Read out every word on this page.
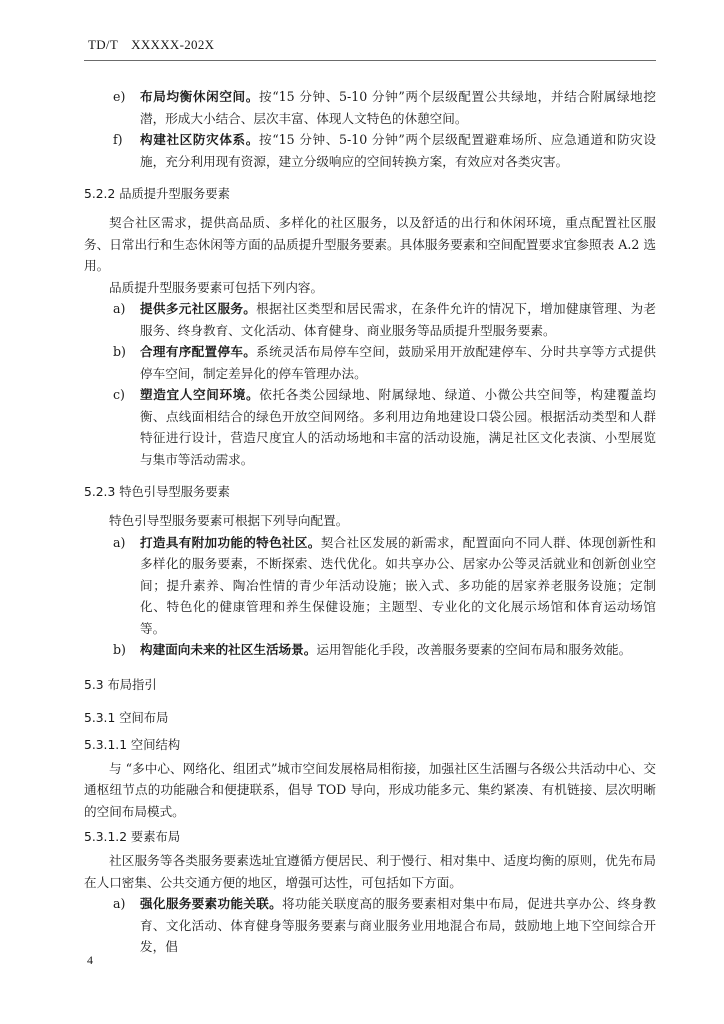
TD/T　XXXXX-202X
e)	布局均衡休闲空间。按“15 分钟、5-10 分钟”两个层级配置公共绿地，并结合附属绿地挖潜，形成大小结合、层次丰富、体现人文特色的休憩空间。
f)	构建社区防灾体系。按“15 分钟、5-10 分钟”两个层级配置避难场所、应急通道和防灾设施，充分利用现有资源，建立分级响应的空间转换方案，有效应对各类灾害。
5.2.2 品质提升型服务要素
契合社区需求，提供高品质、多样化的社区服务，以及舒适的出行和休闲环境，重点配置社区服务、日常出行和生态休闲等方面的品质提升型服务要素。具体服务要素和空间配置要求宜参照表 A.2 选用。
品质提升型服务要素可包括下列内容。
a)	提供多元社区服务。根据社区类型和居民需求，在条件允许的情况下，增加健康管理、为老服务、终身教育、文化活动、体育健身、商业服务等品质提升型服务要素。
b)	合理有序配置停车。系统灵活布局停车空间，鼓励采用开放配建停车、分时共享等方式提供停车空间，制定差异化的停车管理办法。
c)	塑造宜人空间环境。依托各类公园绿地、附属绿地、绿道、小微公共空间等，构建覆盖均衡、点线面相结合的绿色开放空间网络。多利用边角地建设口袋公园。根据活动类型和人群特征进行设计，营造尺度宜人的活动场地和丰富的活动设施，满足社区文化表演、小型展览与集市等活动需求。
5.2.3 特色引导型服务要素
特色引导型服务要素可根据下列导向配置。
a)	打造具有附加功能的特色社区。契合社区发展的新需求，配置面向不同人群、体现创新性和多样化的服务要素，不断探索、迭代优化。如共享办公、居家办公等灵活就业和创新创业空间；提升素养、陶冶性情的青少年活动设施；嵌入式、多功能的居家养老服务设施；定制化、特色化的健康管理和养生保健设施；主题型、专业化的文化展示场馆和体育运动场馆等。
b)	构建面向未来的社区生活场景。运用智能化手段，改善服务要素的空间布局和服务效能。
5.3 布局指引
5.3.1 空间布局
5.3.1.1 空间结构
与 “多中心、网络化、组团式”城市空间发展格局相衔接，加强社区生活圈与各级公共活动中心、交通枢纽节点的功能融合和便捷联系，倡导 TOD 导向，形成功能多元、集约紧凑、有机链接、层次明晰的空间布局模式。
5.3.1.2 要素布局
社区服务等各类服务要素选址宜遵循方便居民、利于慢行、相对集中、适度均衡的原则，优先布局在人口密集、公共交通方便的地区，增强可达性，可包括如下方面。
a)	强化服务要素功能关联。将功能关联度高的服务要素相对集中布局，促进共享办公、终身教育、文化活动、体育健身等服务要素与商业服务业用地混合布局，鼓励地上地下空间综合开发，倡
4
